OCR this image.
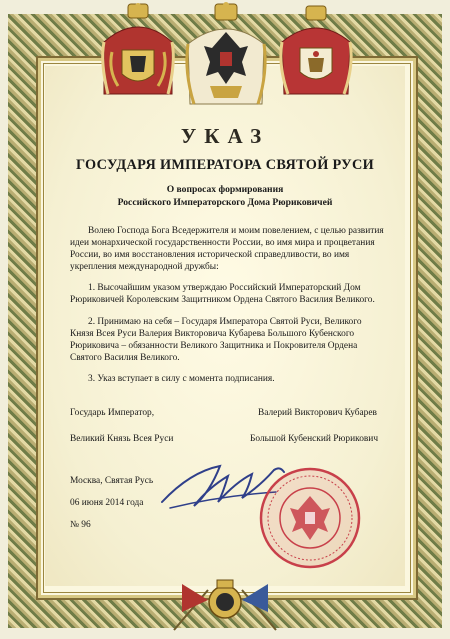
УКАЗ
ГОСУДАРЯ ИМПЕРАТОРА СВЯТОЙ РУСИ
О вопросах формирования
Российского Императорского Дома Рюриковичей
Волею Господа Бога Вседержителя и моим повелением, с целью развития
идеи монархической государственности России, во имя мира и процветания
России, во имя восстановления исторической справедливости, во имя
укрепления международной дружбы:
1. Высочайшим указом утверждаю Российский Императорский Дом
Рюриковичей Королевским Защитником Ордена Святого Василия Великого.
2. Принимаю на себя – Государя Императора Святой Руси, Великого
Князя Всея Руси Валерия Викторовича Кубарева Большого Кубенского
Рюриковича – обязанности Великого Защитника и Покровителя Ордена
Святого Василия Великого.
3. Указ вступает в силу с момента подписания.
Государь Император,
Великий Князь Всея Руси
Валерий Викторович Кубарев
Большой Кубенский Рюрикович
Москва, Святая Русь
06 июня 2014 года
№ 96
